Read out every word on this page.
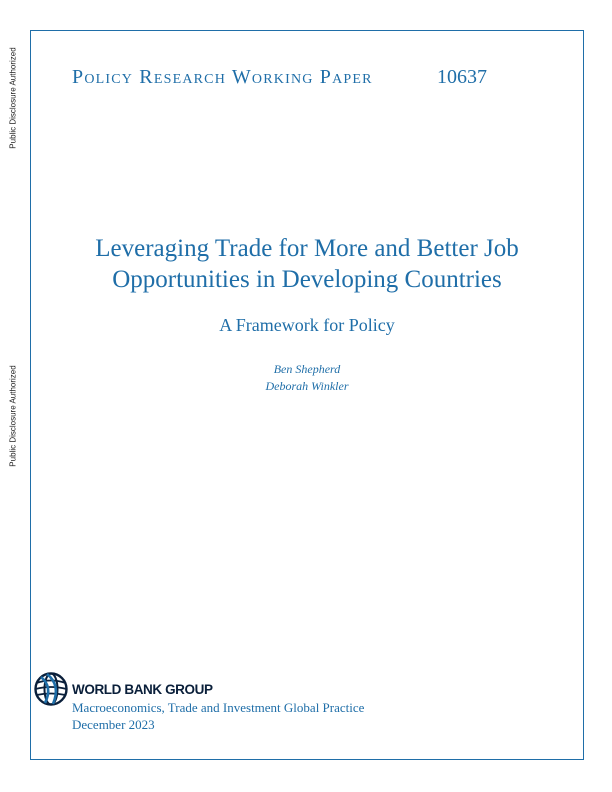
Public Disclosure Authorized
Public Disclosure Authorized
Policy Research Working Paper	10637
Leveraging Trade for More and Better Job
Opportunities in Developing Countries
A Framework for Policy
Ben Shepherd
Deborah Winkler
WORLD BANK GROUP
Macroeconomics, Trade and Investment Global Practice
December 2023
